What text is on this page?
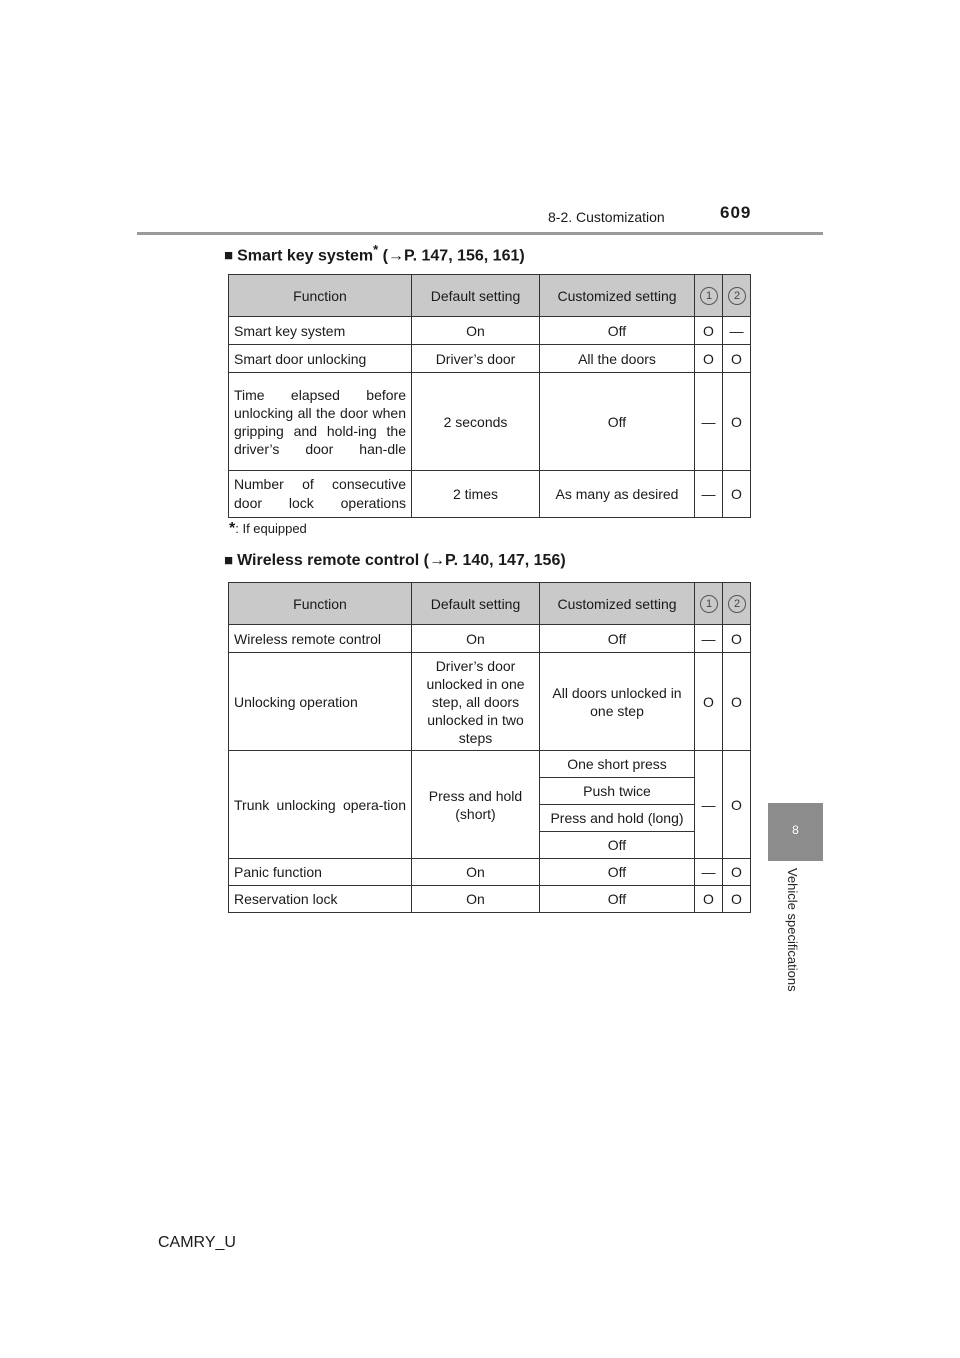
8-2. Customization	609
8
Vehicle specifications
■ Smart key system* (→P. 147, 156, 161)
Function	Default setting	Customized setting	1	2
Smart key system	On	Off	O	—
Smart door unlocking	Driver’s door	All the doors	O	O
Time elapsed before unlocking all the door when gripping and hold-ing the driver’s door han-dle	2 seconds	Off	—	O
Number of consecutive door lock operations	2 times	As many as desired	—	O
*: If equipped
■ Wireless remote control (→P. 140, 147, 156)
Function	Default setting	Customized setting	1	2
Wireless remote control	On	Off	—	O
Unlocking operation	Driver’s door unlocked in one step, all doors unlocked in two steps	All doors unlocked in one step	O	O
Trunk unlocking opera-tion	Press and hold (short)	One short press	—	O
		Push twice		
		Press and hold (long)		
		Off		
Panic function	On	Off	—	O
Reservation lock	On	Off	O	O
CAMRY_U
